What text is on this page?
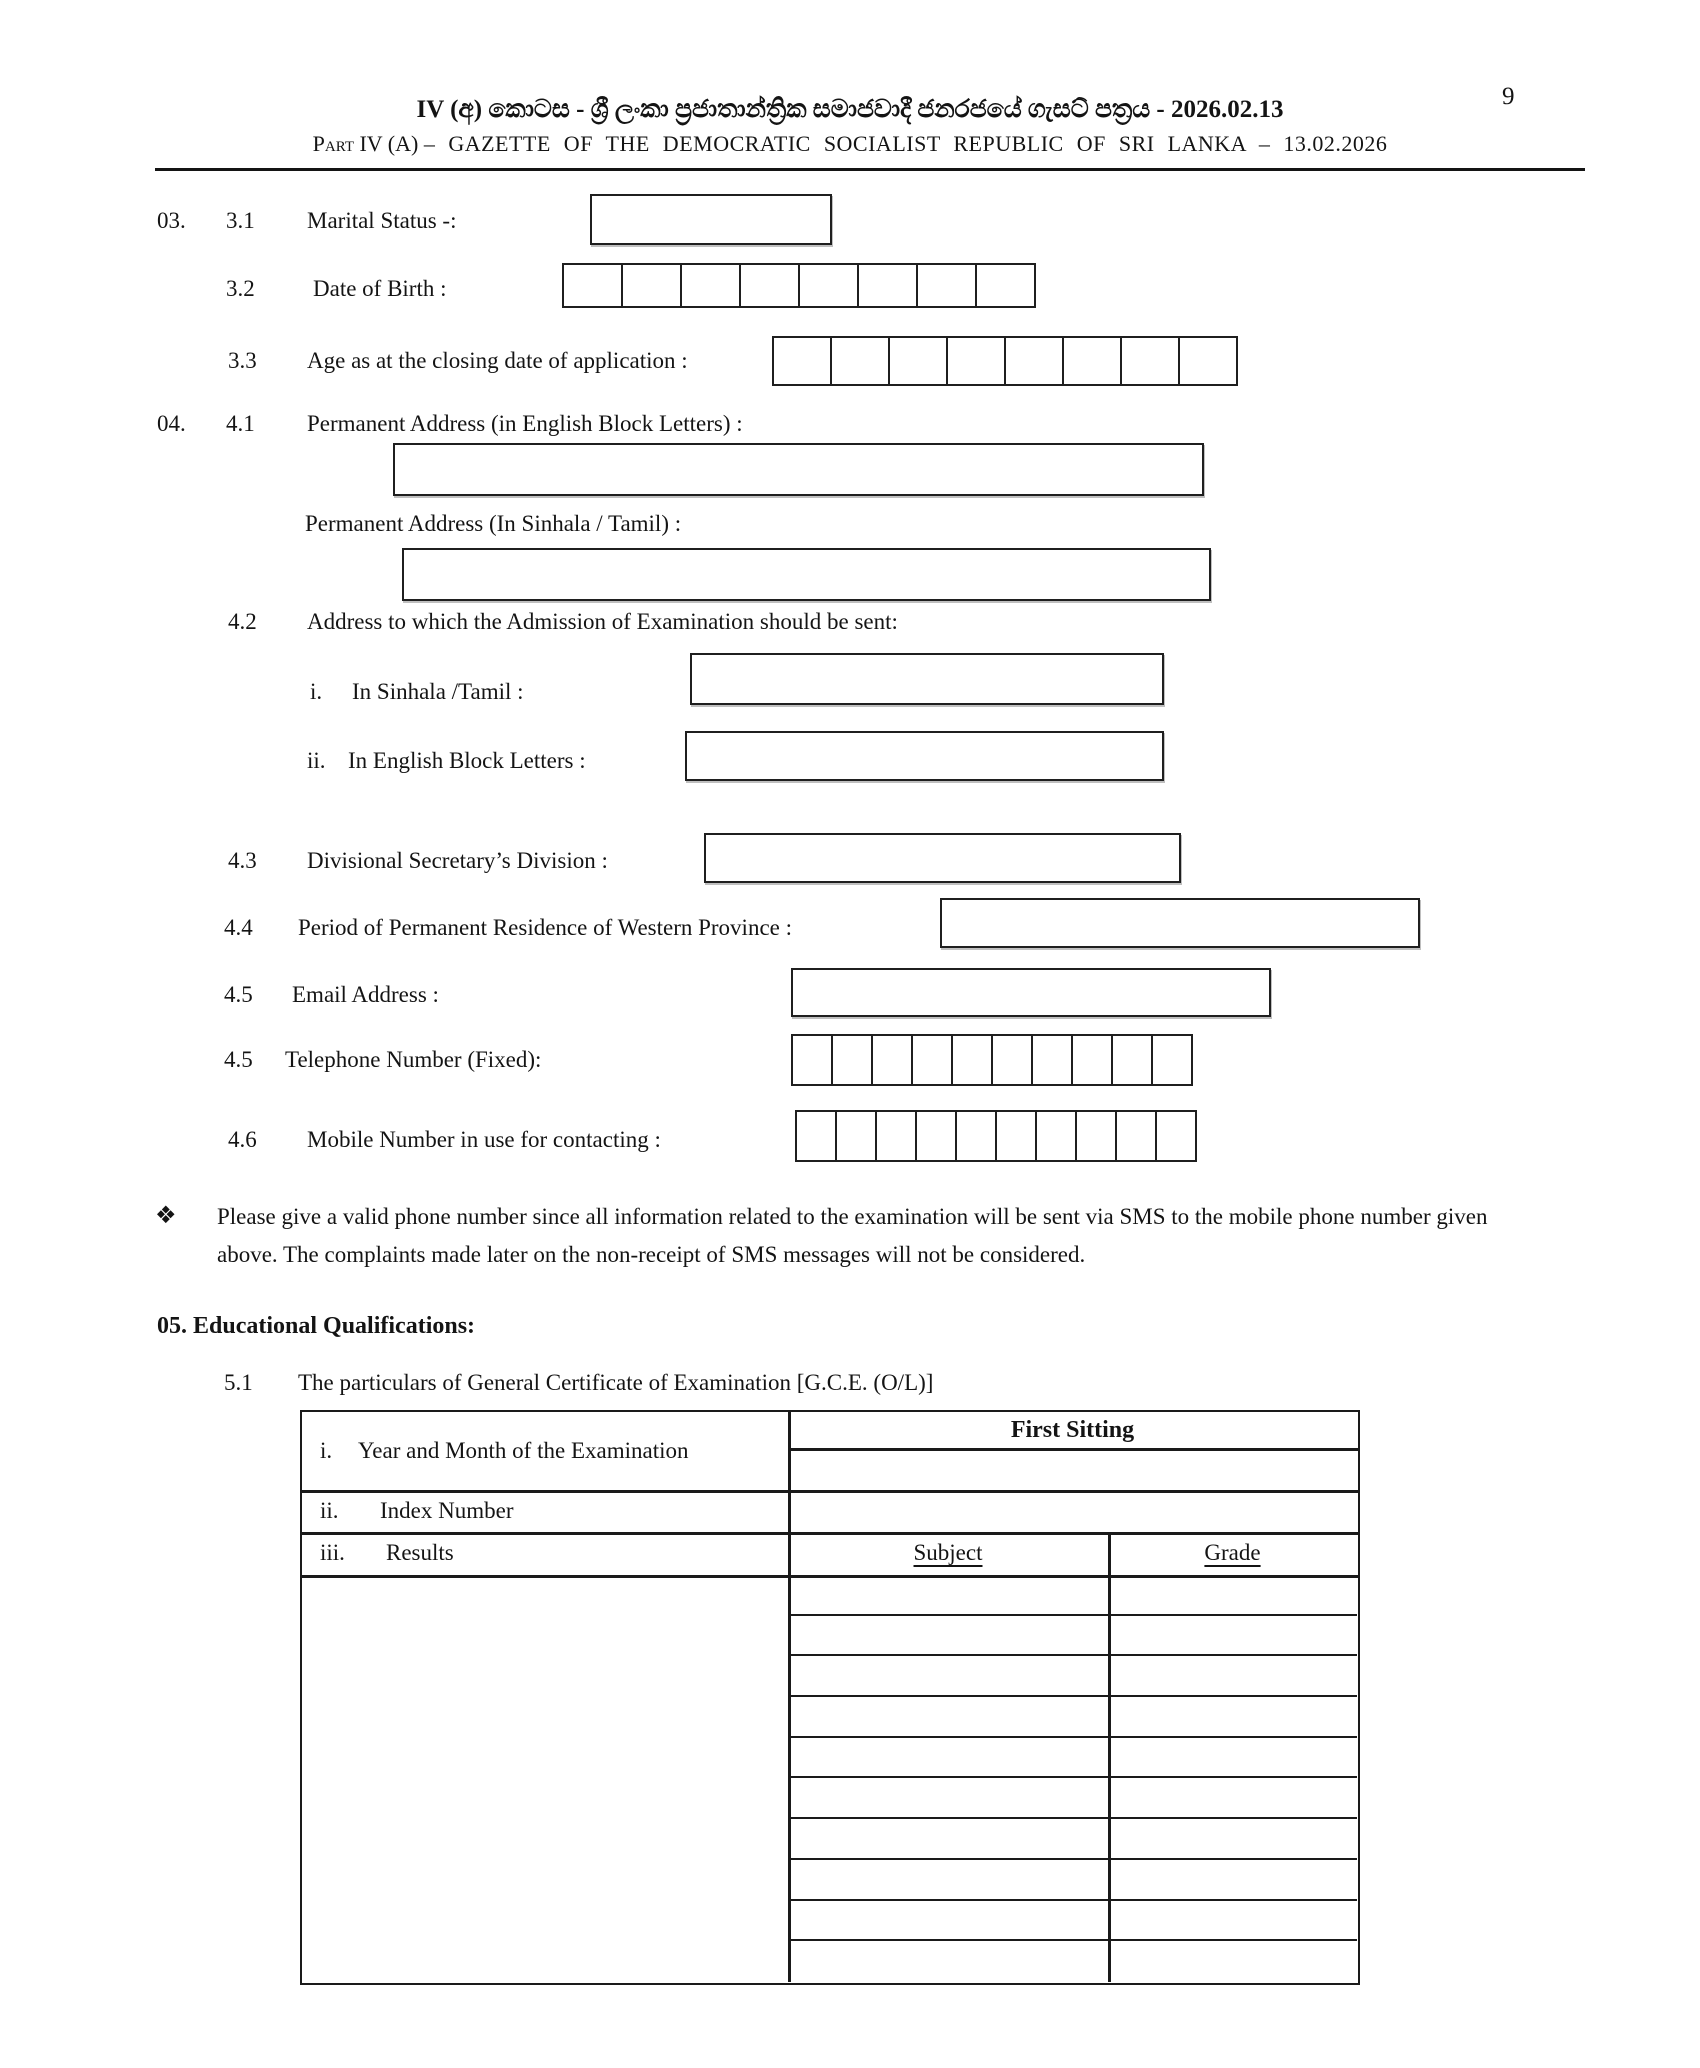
IV (අ) කොටස - ශ්‍රී ලංකා ප්‍රජාතාන්ත්‍රික සමාජවාදී ජනරජයේ ගැසට් පත්‍රය - 2026.02.13
Part IV (A) – GAZETTE OF THE DEMOCRATIC SOCIALIST REPUBLIC OF SRI LANKA – 13.02.2026
9
03. 3.1 Marital Status -:
3.2	Date of Birth :
3.3 Age as at the closing date of application :
04. 4.1 Permanent Address (in English Block Letters) :
Permanent Address (In Sinhala / Tamil) :
4.2 Address to which the Admission of Examination should be sent:
i. In Sinhala /Tamil :
ii. In English Block Letters :
4.3 Divisional Secretary’s Division :
4.4 Period of Permanent Residence of Western Province :
4.5 Email Address :
4.5 Telephone Number (Fixed):
4.6 Mobile Number in use for contacting :
❖ Please give a valid phone number since all information related to the examination will be sent via SMS to the mobile phone number given above. The complaints made later on the non-receipt of SMS messages will not be considered.
05. Educational Qualifications:
5.1 The particulars of General Certificate of Examination [G.C.E. (O/L)]
i. Year and Month of the Examination
First Sitting
ii. Index Number
iii. Results	Subject	Grade
